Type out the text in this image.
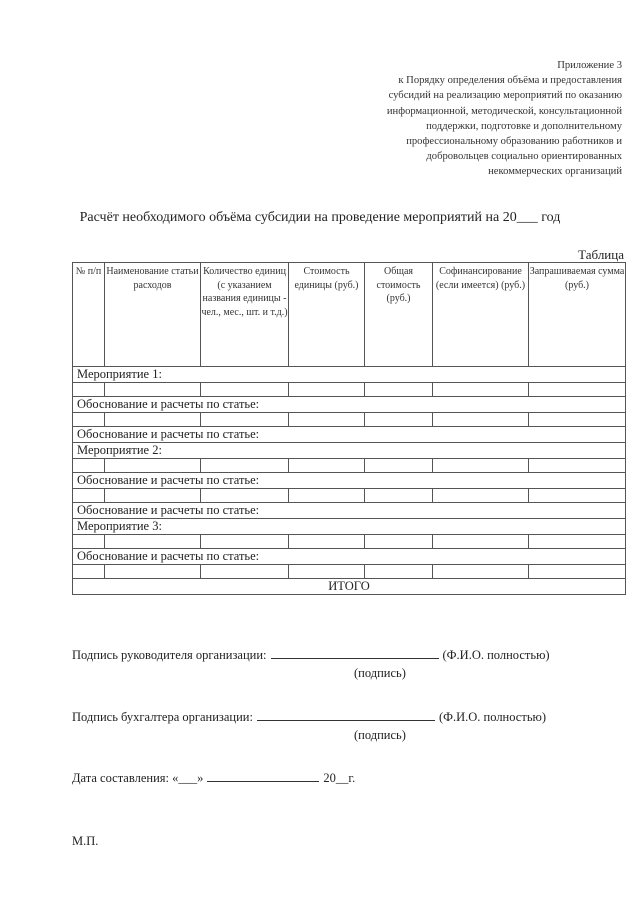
Приложение 3
к Порядку определения объёма и предоставления
субсидий на реализацию мероприятий по оказанию
информационной, методической, консультационной
поддержки, подготовке и дополнительному
профессиональному образованию работников и
добровольцев социально ориентированных
некоммерческих организаций
Расчёт необходимого объёма субсидии на проведение мероприятий на 20___ год
Таблица
№ п/п	Наименование статьи расходов	Количество единиц (с указанием названия единицы - чел., мес., шт. и т.д.)	Стоимость единицы (руб.)	Общая стоимость (руб.)	Софинансирование (если имеется) (руб.)	Запрашиваемая сумма (руб.)
Мероприятие 1:						

Обоснование и расчеты по статье:						

Обоснование и расчеты по статье:						
Мероприятие 2:						

Обоснование и расчеты по статье:						

Обоснование и расчеты по статье:						
Мероприятие 3:						

Обоснование и расчеты по статье:						

ИТОГО						
Подпись руководителя организации:	(Ф.И.О. полностью)
(подпись)
Подпись бухгалтера организации:	(Ф.И.О. полностью)
(подпись)
Дата составления: «___»	20__г.
М.П.
